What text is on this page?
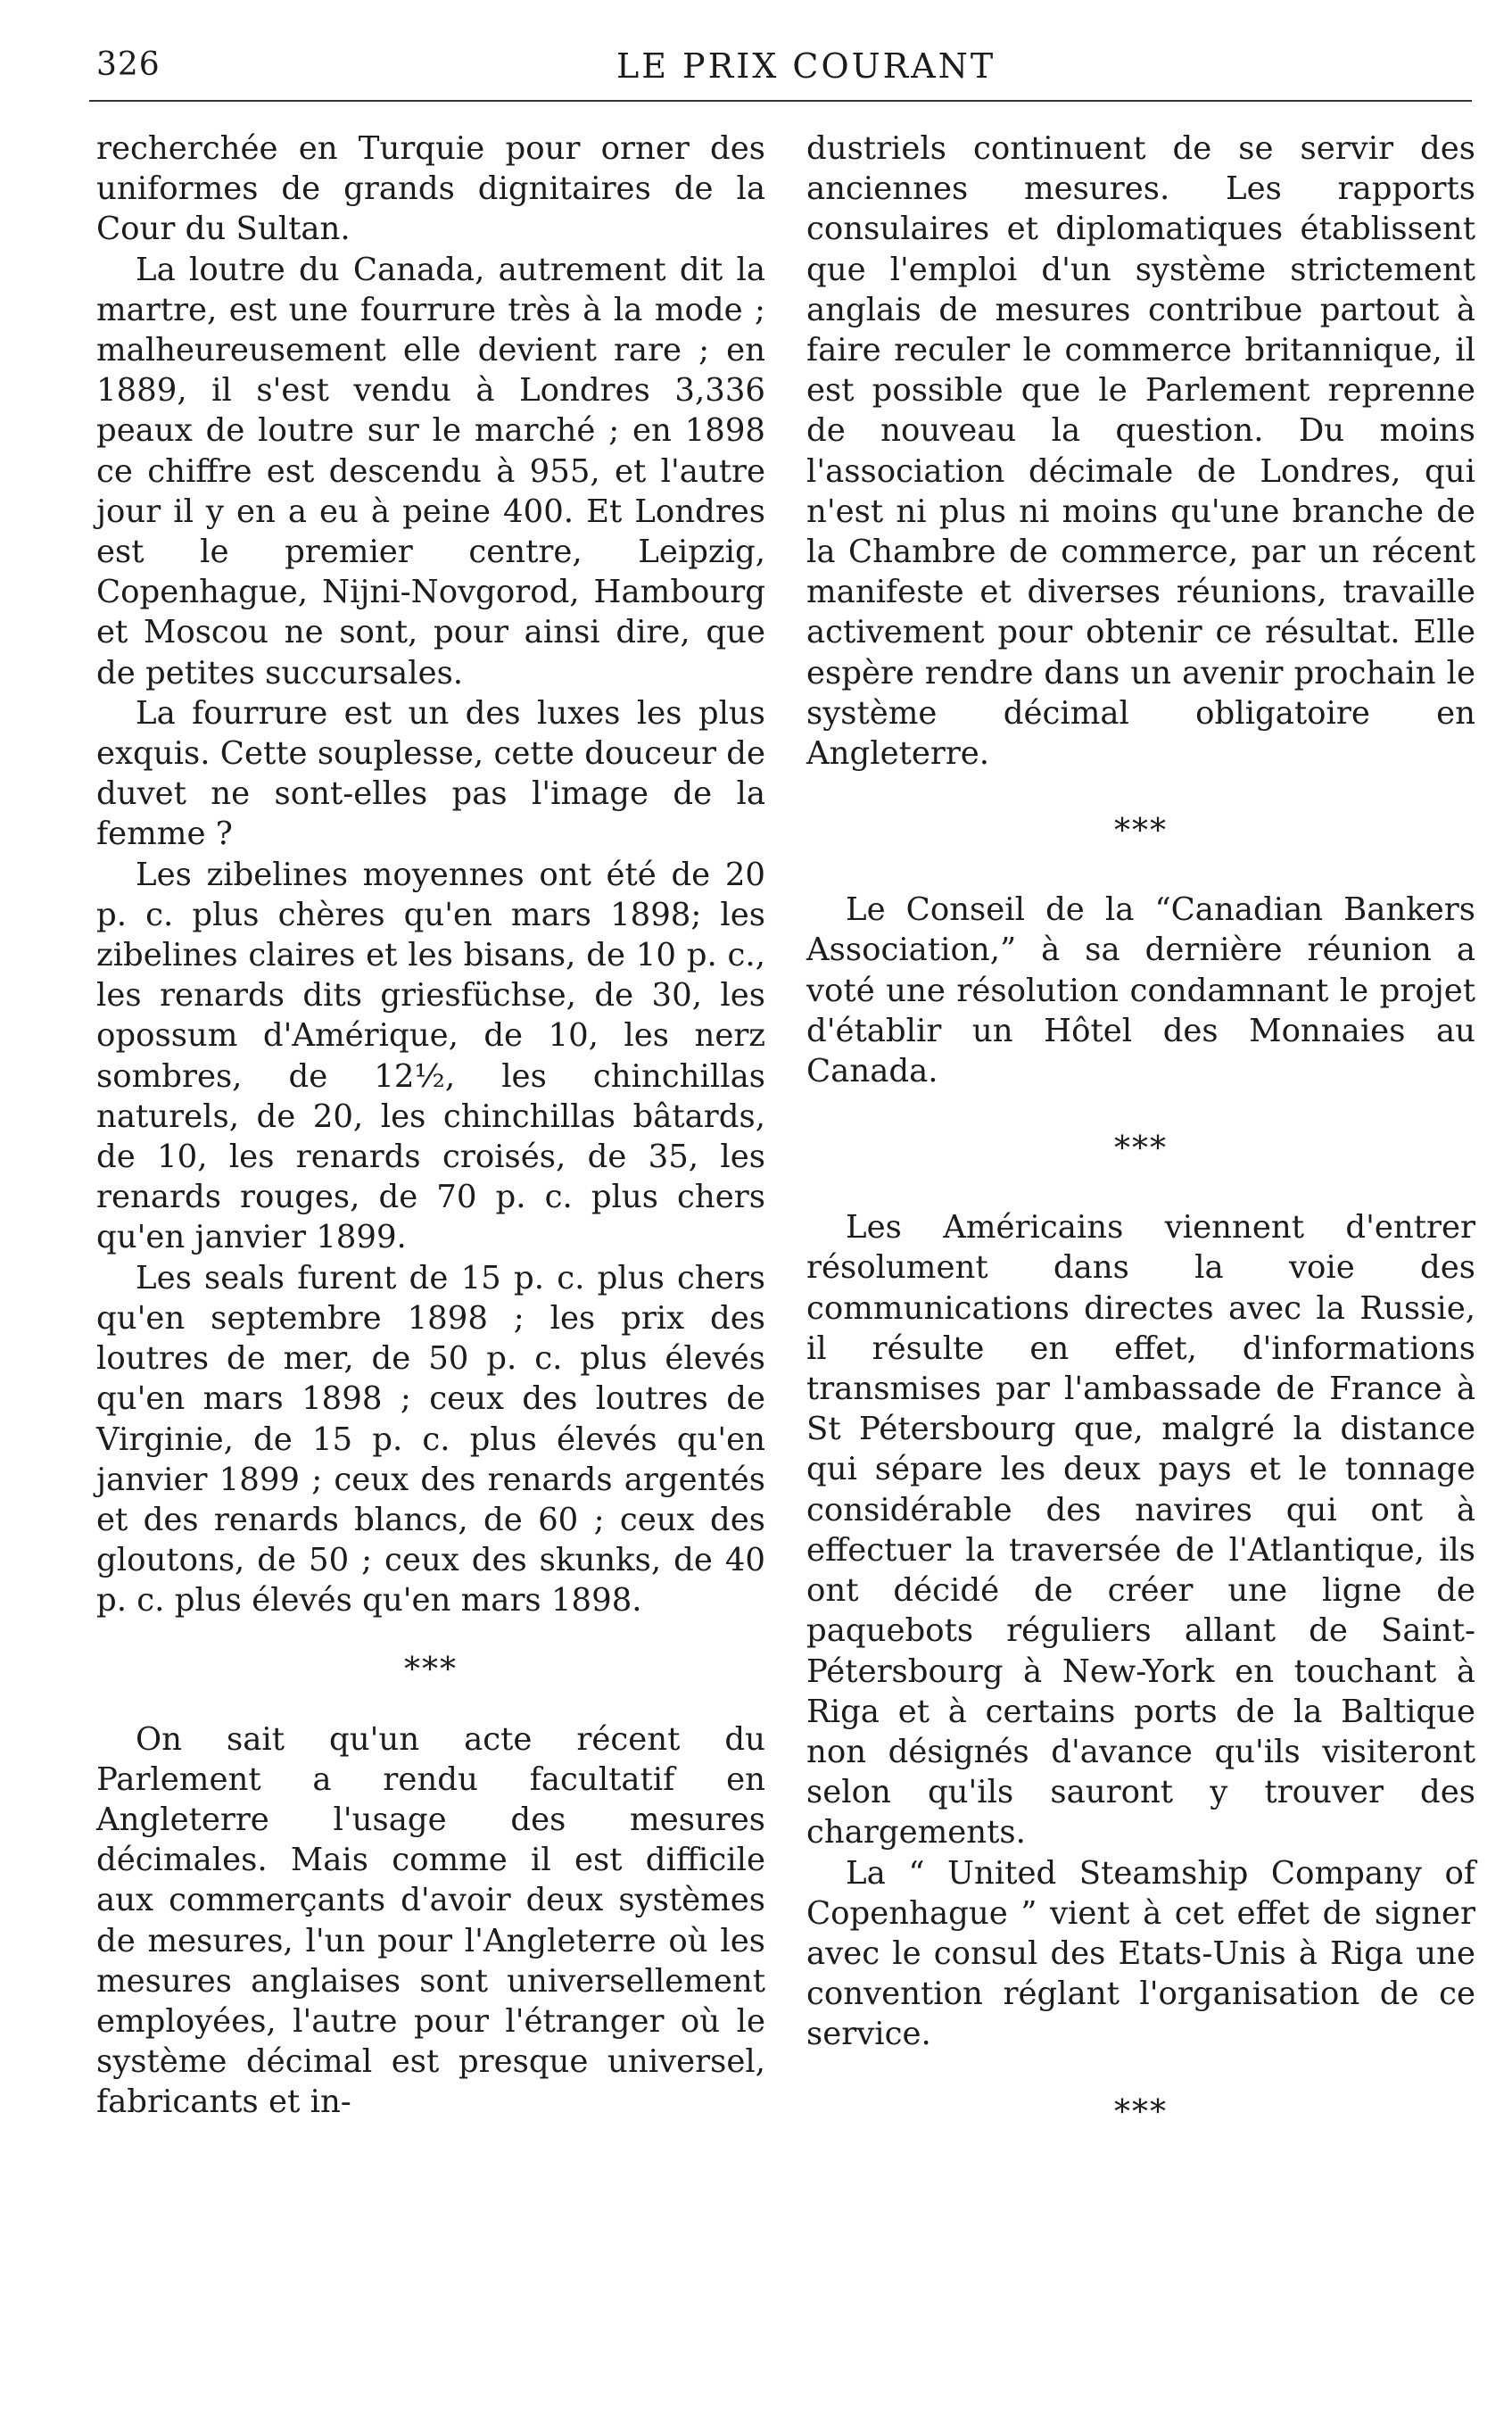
326	LE PRIX COURANT

recherchée en Turquie pour orner des uniformes de grands dignitaires de la Cour du Sultan.

La loutre du Canada, autrement dit la martre, est une fourrure très à la mode ; malheureusement elle devient rare ; en 1889, il s'est vendu à Londres 3,336 peaux de loutre sur le marché ; en 1898 ce chiffre est descendu à 955, et l'autre jour il y en a eu à peine 400. Et Londres est le premier centre, Leipzig, Copenhague, Nijni-Novgorod, Hambourg et Moscou ne sont, pour ainsi dire, que de petites succursales.

La fourrure est un des luxes les plus exquis. Cette souplesse, cette douceur de duvet ne sont-elles pas l'image de la femme ?

Les zibelines moyennes ont été de 20 p. c. plus chères qu'en mars 1898; les zibelines claires et les bisans, de 10 p. c., les renards dits griesfüchse, de 30, les opossum d'Amérique, de 10, les nerz sombres, de 12½, les chinchillas naturels, de 20, les chinchillas bâtards, de 10, les renards croisés, de 35, les renards rouges, de 70 p. c. plus chers qu'en janvier 1899.

Les seals furent de 15 p. c. plus chers qu'en septembre 1898 ; les prix des loutres de mer, de 50 p. c. plus élevés qu'en mars 1898 ; ceux des loutres de Virginie, de 15 p. c. plus élevés qu'en janvier 1899 ; ceux des renards argentés et des renards blancs, de 60 ; ceux des gloutons, de 50 ; ceux des skunks, de 40 p. c. plus élevés qu'en mars 1898.

***

On sait qu'un acte récent du Parlement a rendu facultatif en Angleterre l'usage des mesures décimales. Mais comme il est difficile aux commerçants d'avoir deux systèmes de mesures, l'un pour l'Angleterre où les mesures anglaises sont universellement employées, l'autre pour l'étranger où le système décimal est presque universel, fabricants et in-

dustriels continuent de se servir des anciennes mesures. Les rapports consulaires et diplomatiques établissent que l'emploi d'un système strictement anglais de mesures contribue partout à faire reculer le commerce britannique, il est possible que le Parlement reprenne de nouveau la question. Du moins l'association décimale de Londres, qui n'est ni plus ni moins qu'une branche de la Chambre de commerce, par un récent manifeste et diverses réunions, travaille activement pour obtenir ce résultat. Elle espère rendre dans un avenir prochain le système décimal obligatoire en Angleterre.

***

Le Conseil de la “Canadian Bankers Association,” à sa dernière réunion a voté une résolution condamnant le projet d'établir un Hôtel des Monnaies au Canada.

***

Les Américains viennent d'entrer résolument dans la voie des communications directes avec la Russie, il résulte en effet, d'informations transmises par l'ambassade de France à St Pétersbourg que, malgré la distance qui sépare les deux pays et le tonnage considérable des navires qui ont à effectuer la traversée de l'Atlantique, ils ont décidé de créer une ligne de paquebots réguliers allant de Saint-Pétersbourg à New-York en touchant à Riga et à certains ports de la Baltique non désignés d'avance qu'ils visiteront selon qu'ils sauront y trouver des chargements.

La “ United Steamship Company of Copenhague ” vient à cet effet de signer avec le consul des Etats-Unis à Riga une convention réglant l'organisation de ce service.

***
